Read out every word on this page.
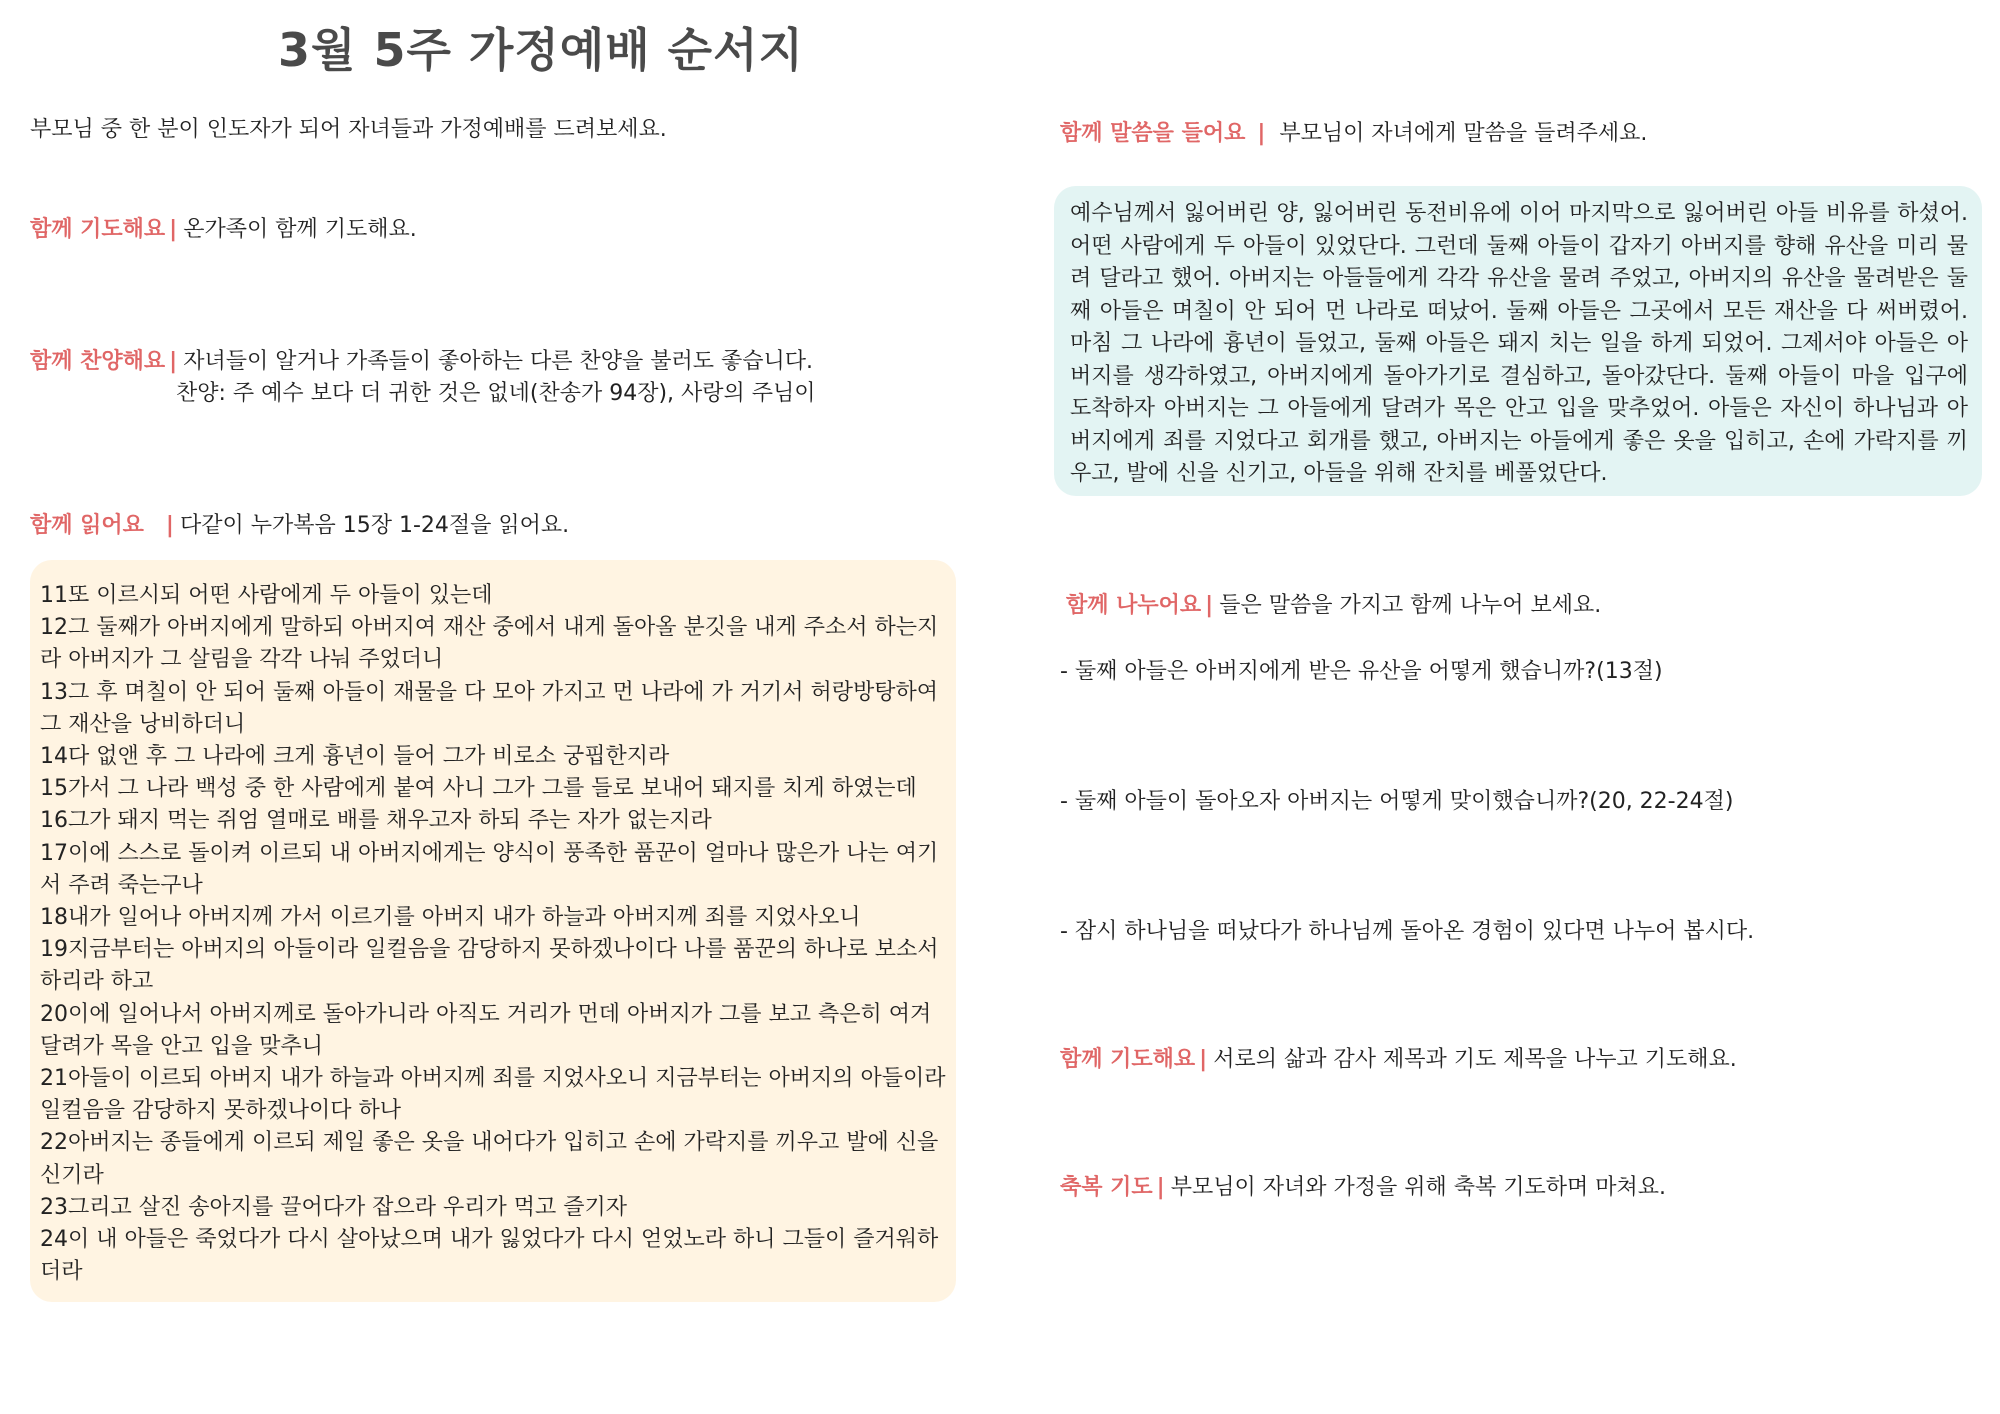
3월 5주 가정예배 순서지
부모님 중 한 분이 인도자가 되어 자녀들과 가정예배를 드려보세요.
함께 기도해요 | 온가족이 함께 기도해요.
함께 찬양해요 | 자녀들이 알거나 가족들이 좋아하는 다른 찬양을 불러도 좋습니다.
찬양: 주 예수 보다 더 귀한 것은 없네(찬송가 94장), 사랑의 주님이
함께 읽어요 | 다같이 누가복음 15장 1-24절을 읽어요.
11또 이르시되 어떤 사람에게 두 아들이 있는데
12그 둘째가 아버지에게 말하되 아버지여 재산 중에서 내게 돌아올 분깃을 내게 주소서 하는지라 아버지가 그 살림을 각각 나눠 주었더니
13그 후 며칠이 안 되어 둘째 아들이 재물을 다 모아 가지고 먼 나라에 가 거기서 허랑방탕하여 그 재산을 낭비하더니
14다 없앤 후 그 나라에 크게 흉년이 들어 그가 비로소 궁핍한지라
15가서 그 나라 백성 중 한 사람에게 붙여 사니 그가 그를 들로 보내어 돼지를 치게 하였는데
16그가 돼지 먹는 쥐엄 열매로 배를 채우고자 하되 주는 자가 없는지라
17이에 스스로 돌이켜 이르되 내 아버지에게는 양식이 풍족한 품꾼이 얼마나 많은가 나는 여기서 주려 죽는구나
18내가 일어나 아버지께 가서 이르기를 아버지 내가 하늘과 아버지께 죄를 지었사오니
19지금부터는 아버지의 아들이라 일컬음을 감당하지 못하겠나이다 나를 품꾼의 하나로 보소서 하리라 하고
20이에 일어나서 아버지께로 돌아가니라 아직도 거리가 먼데 아버지가 그를 보고 측은히 여겨 달려가 목을 안고 입을 맞추니
21아들이 이르되 아버지 내가 하늘과 아버지께 죄를 지었사오니 지금부터는 아버지의 아들이라 일컬음을 감당하지 못하겠나이다 하나
22아버지는 종들에게 이르되 제일 좋은 옷을 내어다가 입히고 손에 가락지를 끼우고 발에 신을 신기라
23그리고 살진 송아지를 끌어다가 잡으라 우리가 먹고 즐기자
24이 내 아들은 죽었다가 다시 살아났으며 내가 잃었다가 다시 얻었노라 하니 그들이 즐거워하더라
함께 말씀을 들어요 | 부모님이 자녀에게 말씀을 들려주세요.
예수님께서 잃어버린 양, 잃어버린 동전비유에 이어 마지막으로 잃어버린 아들 비유를 하셨어. 어떤 사람에게 두 아들이 있었단다. 그런데 둘째 아들이 갑자기 아버지를 향해 유산을 미리 물려 달라고 했어. 아버지는 아들들에게 각각 유산을 물려 주었고, 아버지의 유산을 물려받은 둘째 아들은 며칠이 안 되어 먼 나라로 떠났어. 둘째 아들은 그곳에서 모든 재산을 다 써버렸어. 마침 그 나라에 흉년이 들었고, 둘째 아들은 돼지 치는 일을 하게 되었어. 그제서야 아들은 아버지를 생각하였고, 아버지에게 돌아가기로 결심하고, 돌아갔단다. 둘째 아들이 마을 입구에 도착하자 아버지는 그 아들에게 달려가 목은 안고 입을 맞추었어. 아들은 자신이 하나님과 아버지에게 죄를 지었다고 회개를 했고, 아버지는 아들에게 좋은 옷을 입히고, 손에 가락지를 끼우고, 발에 신을 신기고, 아들을 위해 잔치를 베풀었단다.
함께 나누어요 | 들은 말씀을 가지고 함께 나누어 보세요.
- 둘째 아들은 아버지에게 받은 유산을 어떻게 했습니까?(13절)
- 둘째 아들이 돌아오자 아버지는 어떻게 맞이했습니까?(20, 22-24절)
- 잠시 하나님을 떠났다가 하나님께 돌아온 경험이 있다면 나누어 봅시다.
함께 기도해요 | 서로의 삶과 감사 제목과 기도 제목을 나누고 기도해요.
축복 기도 | 부모님이 자녀와 가정을 위해 축복 기도하며 마쳐요.
